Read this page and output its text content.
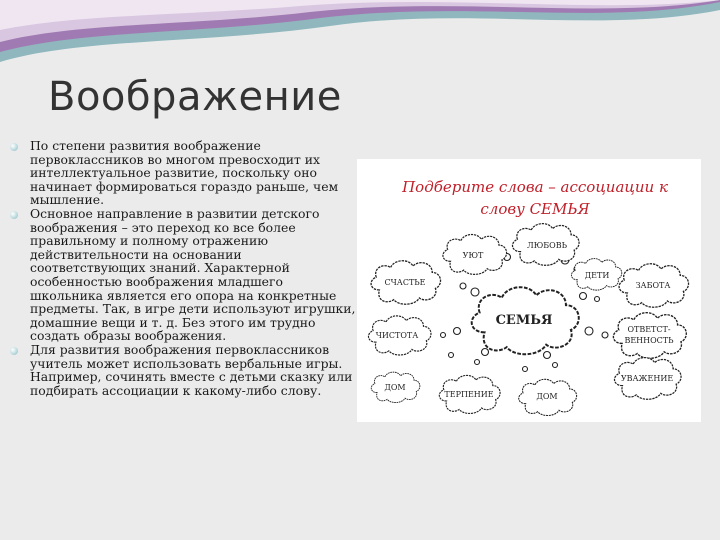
Воображение
По степени развития воображение первоклассников во многом превосходит их интеллектуальное развитие, поскольку оно начинает формироваться гораздо раньше, чем мышление.
Основное направление в развитии детского воображения – это переход ко все более правильному и полному отражению действительности на основании соответствующих знаний. Характерной особенностью воображения младшего школьника является его опора на конкретные предметы. Так, в игре дети используют игрушки, домашние вещи и т. д. Без этого им трудно создать образы воображения.
Для развития воображения первоклассников учитель может использовать вербальные игры. Например, сочинять вместе с детьми сказку или подбирать ассоциации к какому-либо слову.
Подберите слова – ассоциации к
слову СЕМЬЯ
ЛЮБОВЬ
УЮТ
СЧАСТЬЕ
ДЕТИ
ЗАБОТА
ЧИСТОТА
ОТВЕТСТ-
ВЕННОСТЬ
УВАЖЕНИЕ
ДОМ
ТЕРПЕНИЕ	ДОМ
СЕМЬЯ
